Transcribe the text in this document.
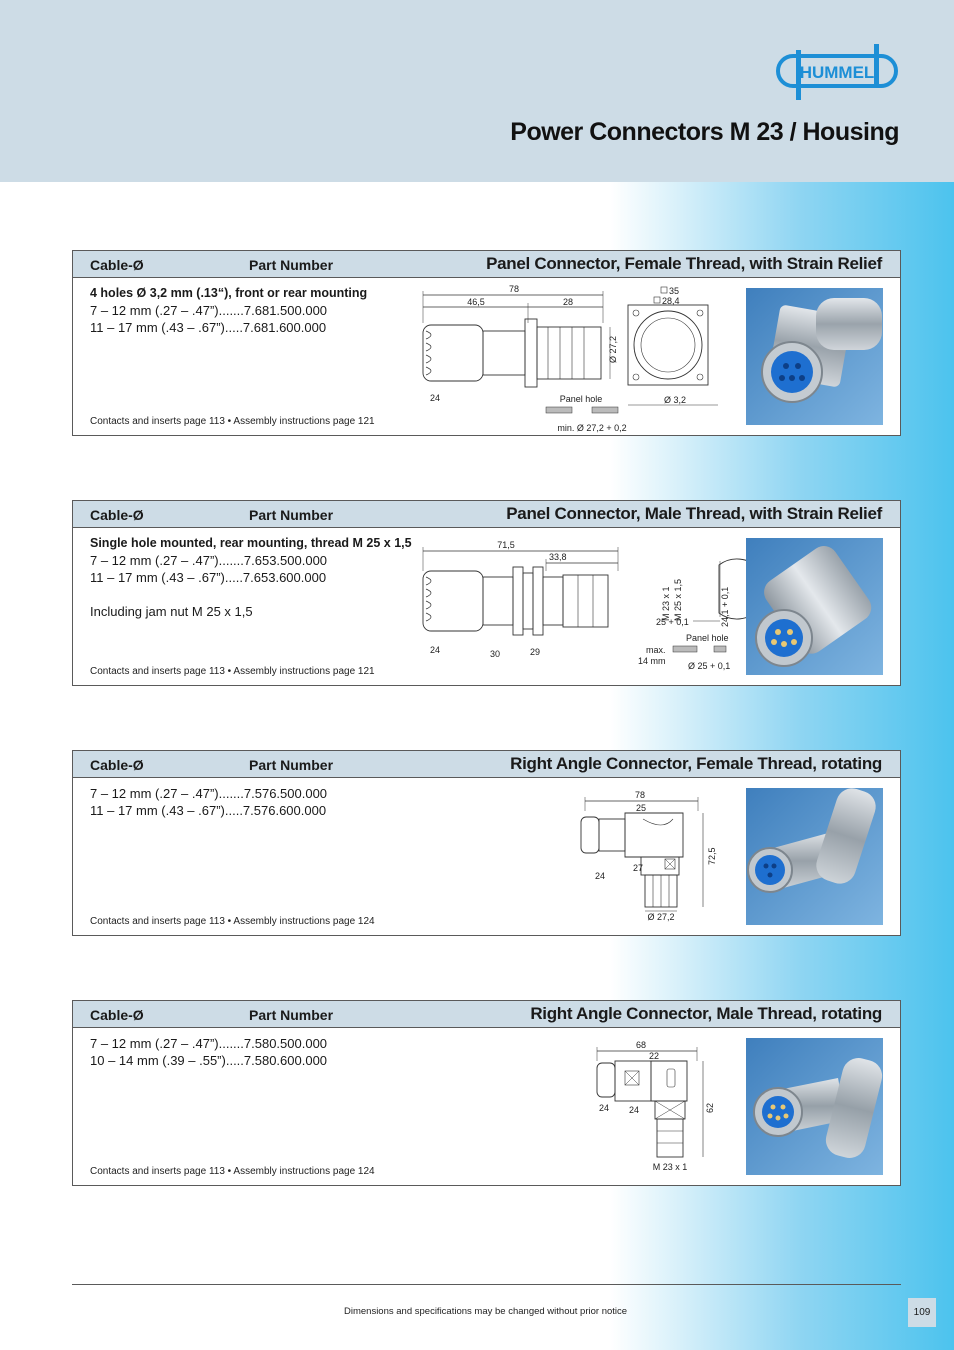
HUMMEL
Power Connectors M 23 / Housing
Cable-Ø	Part Number	Panel Connector, Female Thread, with Strain Relief
4 holes Ø 3,2 mm (.13“), front or rear mounting
7 – 12 mm (.27 – .47”).......7.681.500.000
11 – 17 mm (.43 – .67”).....7.681.600.000
Contacts and inserts page 113 • Assembly instructions page 121
78
46,5	28
Ø 27,2
24	Panel hole
min. Ø 27,2 + 0,2
35
28,4
Ø 3,2
Cable-Ø	Part Number	Panel Connector, Male Thread, with Strain Relief
Single hole mounted, rear mounting, thread M 25 x 1,5
7 – 12 mm (.27 – .47”).......7.653.500.000
11 – 17 mm (.43 – .67”).....7.653.600.000
Including jam nut M 25 x 1,5
Contacts and inserts page 113 • Assembly instructions page 121
71,5
33,8
M 23 x 1 M 25 x 1,5
24	30	29	max.
14 mm
Panel hole
Ø 25 + 0,1
24,1 + 0,1
25 + 0,1
Cable-Ø	Part Number	Right Angle Connector, Female Thread, rotating
7 – 12 mm (.27 – .47”).......7.576.500.000
11 – 17 mm (.43 – .67”).....7.576.600.000
Contacts and inserts page 113 • Assembly instructions page 124
78
25
72,5
27
24
Ø 27,2
Cable-Ø	Part Number	Right Angle Connector, Male Thread, rotating
7 – 12 mm (.27 – .47”).......7.580.500.000
10 – 14 mm (.39 – .55”).....7.580.600.000
Contacts and inserts page 113 • Assembly instructions page 124
68
22
62
24 24
M 23 x 1
Dimensions and specifications may be changed without prior notice	109
